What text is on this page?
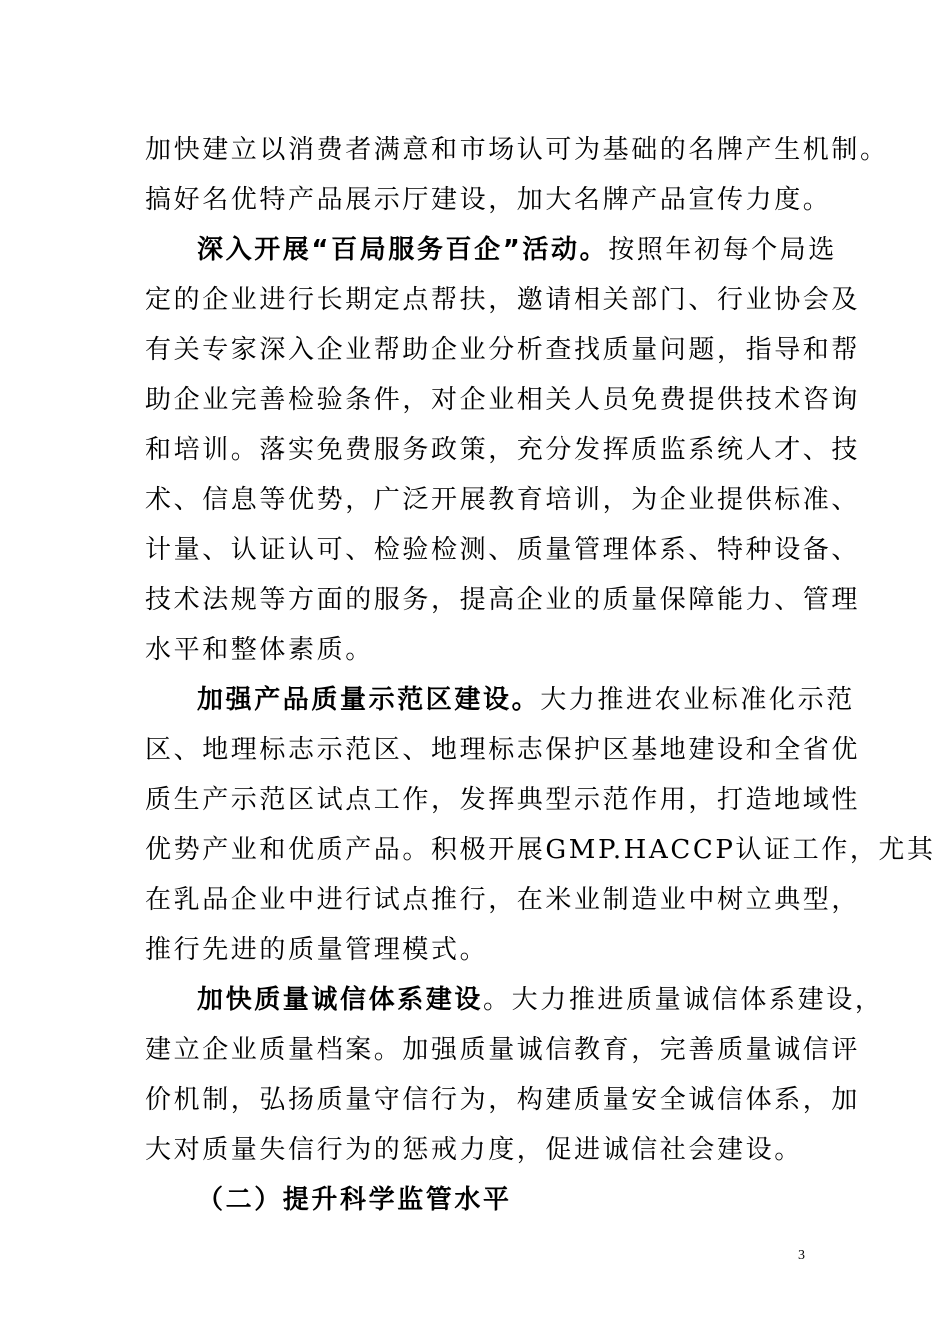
加快建立以消费者满意和市场认可为基础的名牌产生机制。
搞好名优特产品展示厅建设，加大名牌产品宣传力度。
深入开展“百局服务百企”活动。按照年初每个局选
定的企业进行长期定点帮扶，邀请相关部门、行业协会及
有关专家深入企业帮助企业分析查找质量问题，指导和帮
助企业完善检验条件，对企业相关人员免费提供技术咨询
和培训。落实免费服务政策，充分发挥质监系统人才、技
术、信息等优势，广泛开展教育培训，为企业提供标准、
计量、认证认可、检验检测、质量管理体系、特种设备、
技术法规等方面的服务，提高企业的质量保障能力、管理
水平和整体素质。
加强产品质量示范区建设。大力推进农业标准化示范
区、地理标志示范区、地理标志保护区基地建设和全省优
质生产示范区试点工作，发挥典型示范作用，打造地域性
优势产业和优质产品。积极开展GMP.HACCP认证工作，尤其
在乳品企业中进行试点推行，在米业制造业中树立典型，
推行先进的质量管理模式。
加快质量诚信体系建设。大力推进质量诚信体系建设，
建立企业质量档案。加强质量诚信教育，完善质量诚信评
价机制，弘扬质量守信行为，构建质量安全诚信体系，加
大对质量失信行为的惩戒力度，促进诚信社会建设。
（二）提升科学监管水平
3
